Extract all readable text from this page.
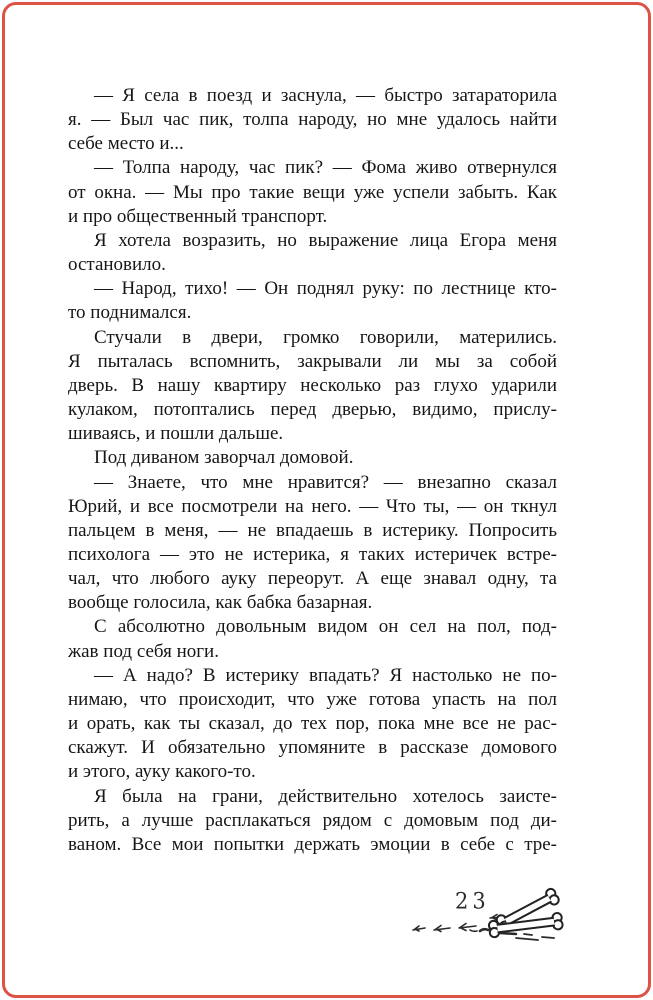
— Я села в поезд и заснула, — быстро затараторила
я. — Был час пик, толпа народу, но мне удалось найти
себе место и...
— Толпа народу, час пик? — Фома живо отвернулся
от окна. — Мы про такие вещи уже успели забыть. Как
и про общественный транспорт.
Я хотела возразить, но выражение лица Егора меня
остановило.
— Народ, тихо! — Он поднял руку: по лестнице кто-
то поднимался.
Стучали в двери, громко говорили, матерились.
Я пыталась вспомнить, закрывали ли мы за собой
дверь. В нашу квартиру несколько раз глухо ударили
кулаком, потоптались перед дверью, видимо, прислу-
шиваясь, и пошли дальше.
Под диваном заворчал домовой.
— Знаете, что мне нравится? — внезапно сказал
Юрий, и все посмотрели на него. — Что ты, — он ткнул
пальцем в меня, — не впадаешь в истерику. Попросить
психолога — это не истерика, я таких истеричек встре-
чал, что любого ауку переорут. А еще знавал одну, та
вообще голосила, как бабка базарная.
С абсолютно довольным видом он сел на пол, под-
жав под себя ноги.
— А надо? В истерику впадать? Я настолько не по-
нимаю, что происходит, что уже готова упасть на пол
и орать, как ты сказал, до тех пор, пока мне все не рас-
скажут. И обязательно упомяните в рассказе домового
и этого, ауку какого-то.
Я была на грани, действительно хотелось заисте-
рить, а лучше расплакаться рядом с домовым под ди-
ваном. Все мои попытки держать эмоции в себе с тре-
23
